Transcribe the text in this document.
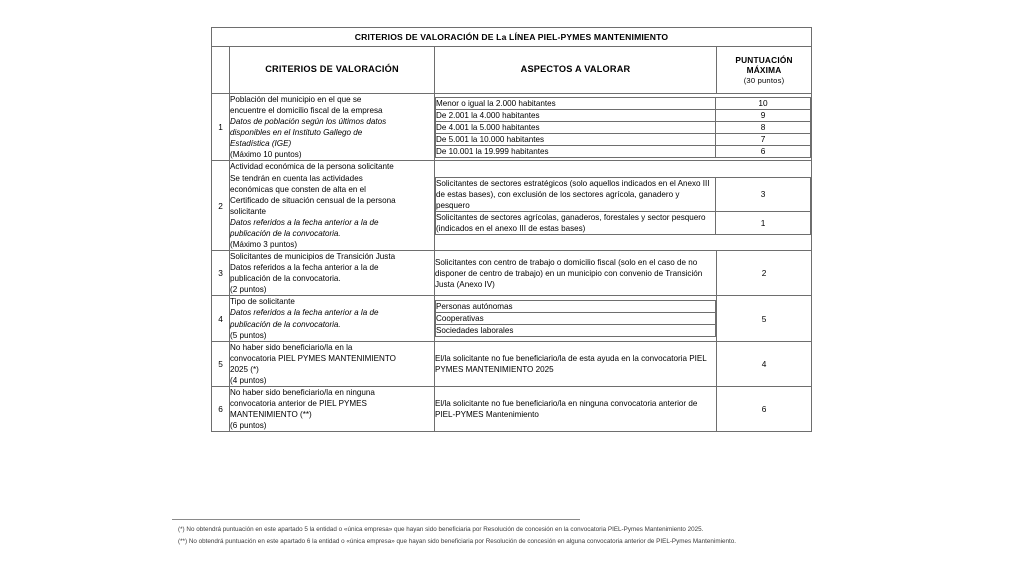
CRITERIOS DE VALORACIÓN DE La LÍNEA PIEL-PYMES MANTENIMIENTO
	CRITERIOS DE VALORACIÓN	ASPECTOS A VALORAR	
PUNTUACIÓN
MÁXIMA
(30 puntos)

1	
Población del municipio en el que se
encuentre el domicilio fiscal de la empresa
Datos de población según los últimos datos
disponibles en el Instituto Gallego de
Estadística (IGE)
(Máximo 10 puntos)

Menor o igual la 2.000 habitantes	10
De 2.001 la 4.000 habitantes	9
De 4.001 la 5.000 habitantes	8
De 5.001 la 10.000 habitantes	7
De 10.001 la 19.999 habitantes	6

2	
Actividad económica de la persona solicitante
Se tendrán en cuenta las actividades
económicas que consten de alta en el
Certificado de situación censual de la persona
solicitante
Datos referidos a la fecha anterior a la de
publicación de la convocatoria.
(Máximo 3 puntos)

Solicitantes de sectores estratégicos (solo aquellos indicados en el Anexo III de estas bases), con exclusión de los sectores agrícola, ganadero y pesquero	3
Solicitantes de sectores agrícolas, ganaderos, forestales y sector pesquero (indicados en el anexo III de estas bases)	1

3	
Solicitantes de municipios de Transición Justa
Datos referidos a la fecha anterior a la de
publicación de la convocatoria.
(2 puntos)
	Solicitantes con centro de trabajo o domicilio fiscal (solo en el caso de no disponer de centro de trabajo) en un municipio con convenio de Transición Justa (Anexo IV)	2
4	
Tipo de solicitante
Datos referidos a la fecha anterior a la de
publicación de la convocatoria.
(5 puntos)

Personas autónomas
Cooperativas
Sociedades laborales
	5
5	
No haber sido beneficiario/la en la
convocatoria PIEL PYMES MANTENIMIENTO
2025 (*)
(4 puntos)
	El/la solicitante no fue beneficiario/la de esta ayuda en la convocatoria PIEL PYMES MANTENIMIENTO 2025	4
6	
No haber sido beneficiario/la en ninguna
convocatoria anterior de PIEL PYMES
MANTENIMIENTO (**)
(6 puntos)
	El/la solicitante no fue beneficiario/la en ninguna convocatoria anterior de PIEL-PYMES Mantenimiento	6
(*) No obtendrá puntuación en este apartado 5 la entidad o «única empresa» que hayan sido beneficiaria por Resolución de concesión en la convocatoria PIEL-Pymes Mantenimiento 2025.
(**) No obtendrá puntuación en este apartado 6 la entidad o «única empresa» que hayan sido beneficiaria por Resolución de concesión en alguna convocatoria anterior de PIEL-Pymes Mantenimiento.
